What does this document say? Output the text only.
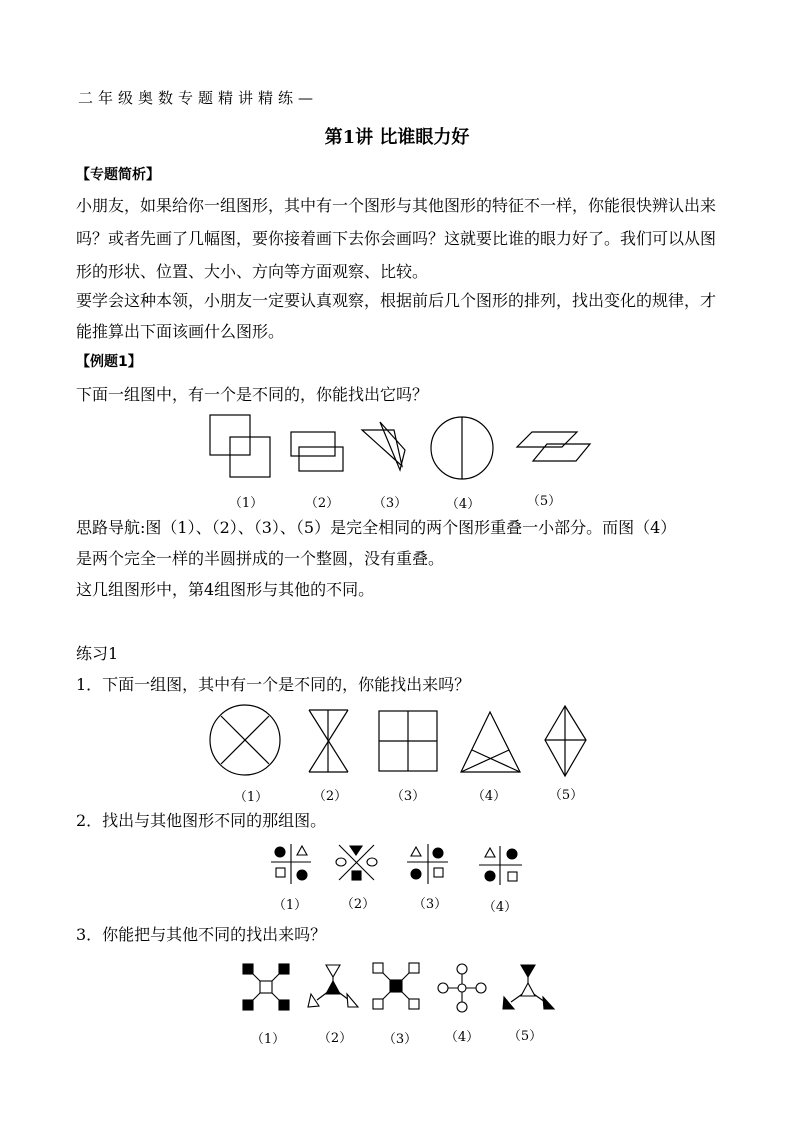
二年级奥数专题精讲精练—
第1讲 比谁眼力好
【专题简析】
小朋友，如果给你一组图形，其中有一个图形与其他图形的特征不一样，你能很快辨认出来
吗？或者先画了几幅图，要你接着画下去你会画吗？这就要比谁的眼力好了。我们可以从图
形的形状、位置、大小、方向等方面观察、比较。
要学会这种本领，小朋友一定要认真观察，根据前后几个图形的排列，找出变化的规律，才
能推算出下面该画什么图形。
【例题1】
下面一组图中，有一个是不同的，你能找出它吗？
（1）	（2）	（3）	（4）	（5）
思路导航:图（1）、（2）、（3）、（5）是完全相同的两个图形重叠一小部分。而图（4）
是两个完全一样的半圆拼成的一个整圆，没有重叠。
这几组图形中，第4组图形与其他的不同。
练习1
1．下面一组图，其中有一个是不同的，你能找出来吗？
（1）	（2）	（3）	（4）	（5）
2．找出与其他图形不同的那组图。
（1）	（2）	（3）	（4）
3．你能把与其他不同的找出来吗？
（1）	（2） （3） （4） （5）
